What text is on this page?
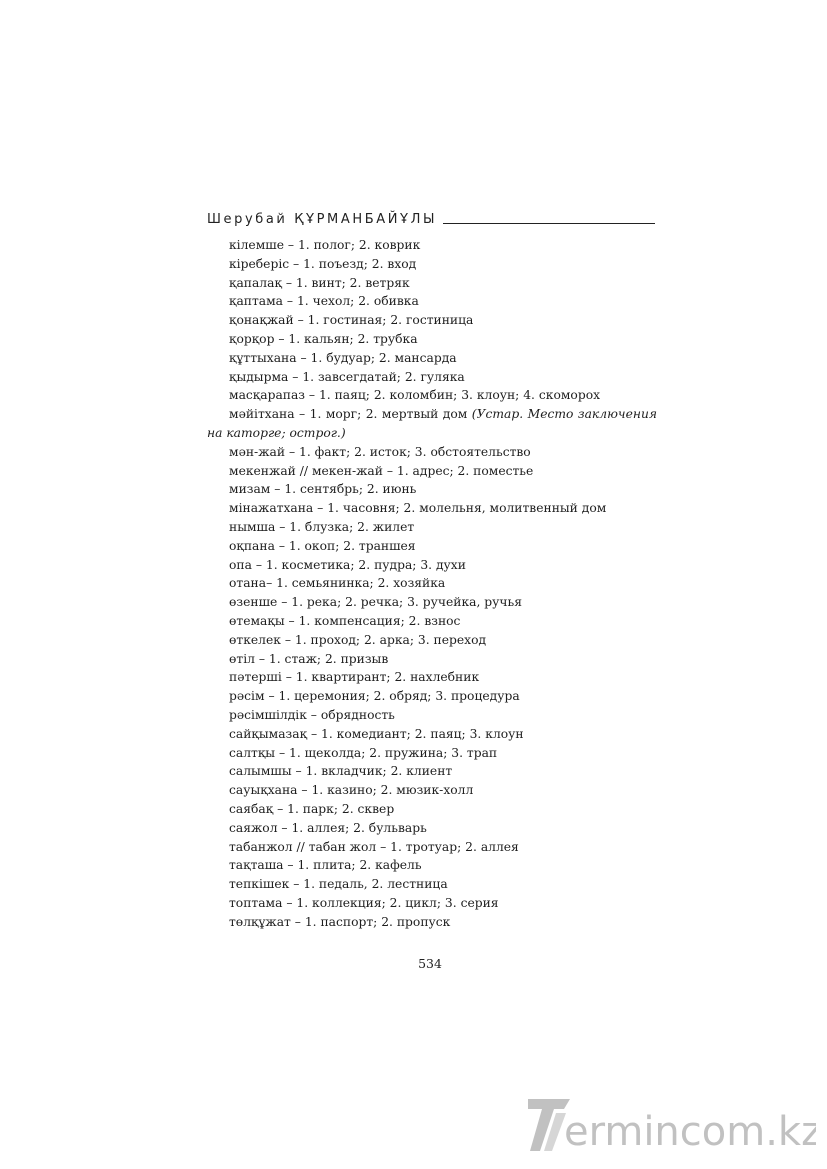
Шерубай ҚҰРМАНБАЙҰЛЫ
кілемше – 1. полог; 2. коврик
кіреберіс – 1. поъезд; 2. вход
қапалақ – 1. винт; 2. ветряк
қаптама – 1. чехол; 2. обивка
қонақжай – 1. гостиная; 2. гостиница
қорқор – 1. кальян; 2. трубка
құттыхана – 1. будуар; 2. мансарда
қыдырма – 1. завсегдатай; 2. гуляка
масқарапаз – 1. паяц; 2. коломбин; 3. клоун; 4. скоморох
мәйітхана – 1. морг; 2. мертвый дом (Устар. Место заключения на каторге; острог.)
мән-жай – 1. факт; 2. исток; 3. обстоятельство
мекенжай // мекен-жай – 1. адрес; 2. поместье
мизам – 1. сентябрь; 2. июнь
мінажатхана – 1. часовня; 2. молельня, молитвенный дом
нымша – 1. блузка; 2. жилет
оқпана – 1. окоп; 2. траншея
опа – 1. косметика; 2. пудра; 3. духи
отана– 1. семьянинка; 2. хозяйка
өзенше – 1. река; 2. речка; 3. ручейка, ручья
өтемақы – 1. компенсация; 2. взнос
өткелек – 1. проход; 2. арка; 3. переход
өтіл – 1. стаж; 2. призыв
пәтерші – 1. квартирант; 2. нахлебник
рәсім – 1. церемония; 2. обряд; 3. процедура
рәсімшілдік – обрядность
сайқымазақ – 1. комедиант; 2. паяц; 3. клоун
салтқы – 1. щеколда; 2. пружина; 3. трап
салымшы – 1. вкладчик; 2. клиент
сауықхана – 1. казино; 2. мюзик-холл
саябақ – 1. парк; 2. сквер
саяжол – 1. аллея; 2. бульварь
табанжол // табан жол – 1. тротуар; 2. аллея
тақташа – 1. плита; 2. кафель
тепкішек – 1. педаль, 2. лестница
топтама – 1. коллекция; 2. цикл; 3. серия
төлқұжат – 1. паспорт; 2. пропуск
534
ermincom.kz
